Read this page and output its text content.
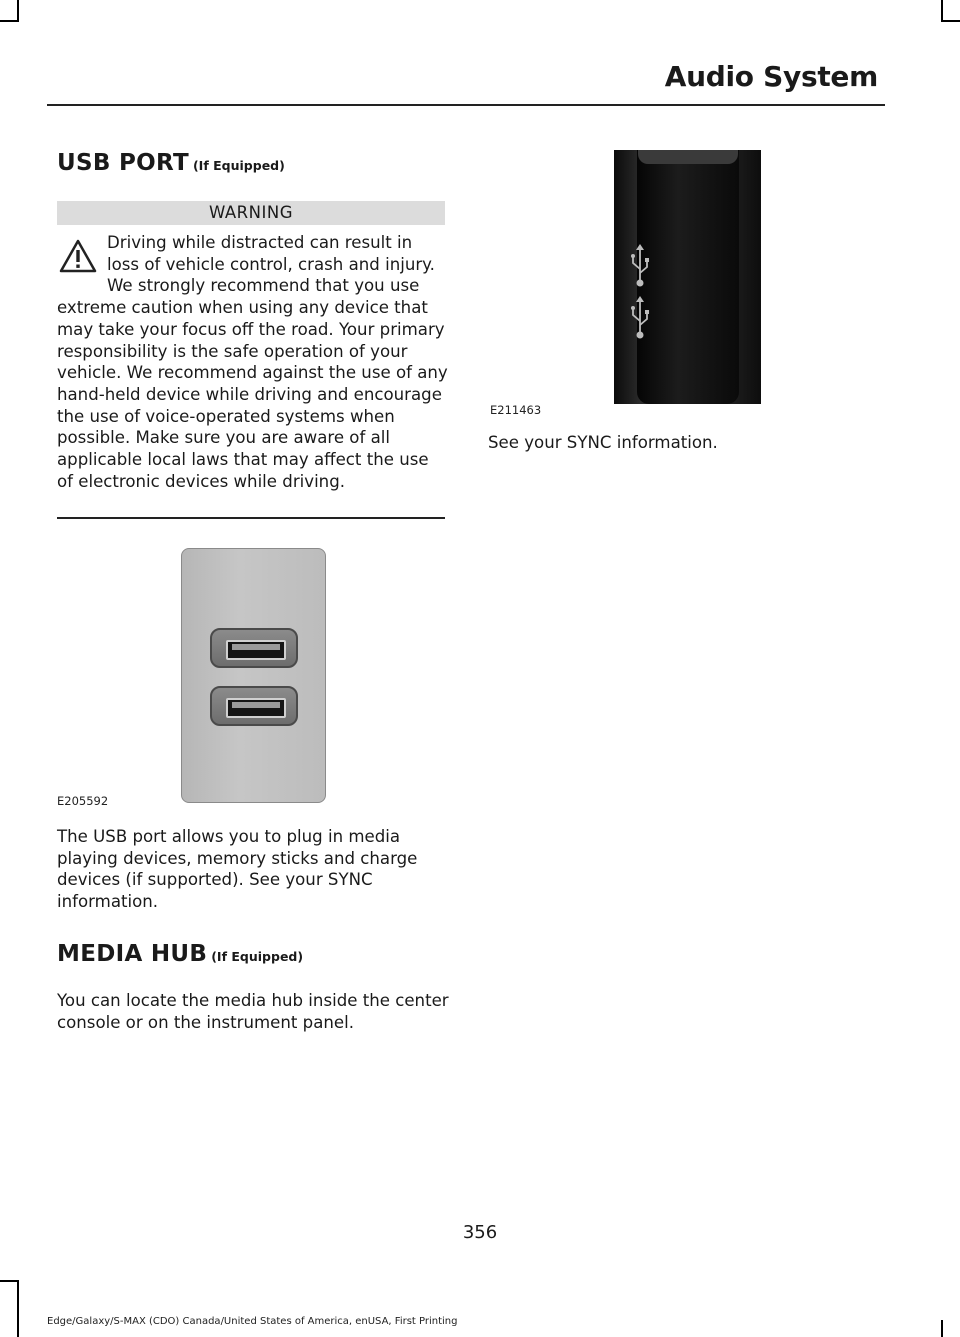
Audio System
USB PORT (If Equipped)
WARNING

Driving while distracted can result in loss of vehicle control, crash and injury. We strongly recommend that you use extreme caution when using any device that may take your focus off the road. Your primary responsibility is the safe operation of your vehicle. We recommend against the use of any hand-held device while driving and encourage the use of voice-operated systems when possible. Make sure you are aware of all applicable local laws that may affect the use of electronic devices while driving.

E205592

The USB port allows you to plug in media playing devices, memory sticks and charge devices (if supported). See your SYNC information.

MEDIA HUB (If Equipped)

You can locate the media hub inside the center console or on the instrument panel.

E211463

See your SYNC information.

356
Edge/Galaxy/S-MAX (CDO) Canada/United States of America, enUSA, First Printing
